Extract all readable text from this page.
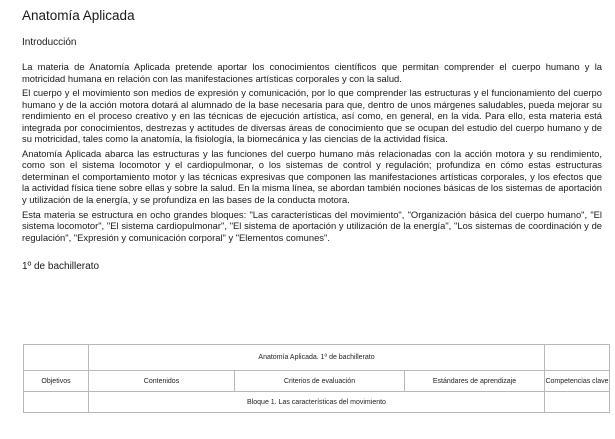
Anatomía Aplicada
Introducción

La materia de Anatomía Aplicada pretende aportar los conocimientos científicos que permitan comprender el cuerpo humano y la motricidad humana en relación con las manifestaciones artísticas corporales y con la salud.

El cuerpo y el movimiento son medios de expresión y comunicación, por lo que comprender las estructuras y el funcionamiento del cuerpo humano y de la acción motora dotará al alumnado de la base necesaria para que, dentro de unos márgenes saludables, pueda mejorar su rendimiento en el proceso creativo y en las técnicas de ejecución artística, así como, en general, en la vida. Para ello, esta materia está integrada por conocimientos, destrezas y actitudes de diversas áreas de conocimiento que se ocupan del estudio del cuerpo humano y de su motricidad, tales como la anatomía, la fisiología, la biomecánica y las ciencias de la actividad física.

Anatomía Aplicada abarca las estructuras y las funciones del cuerpo humano más relacionadas con la acción motora y su rendimiento, como son el sistema locomotor y el cardiopulmonar, o los sistemas de control y regulación; profundiza en cómo estas estructuras determinan el comportamiento motor y las técnicas expresivas que componen las manifestaciones artísticas corporales, y los efectos que la actividad física tiene sobre ellas y sobre la salud. En la misma línea, se abordan también nociones básicas de los sistemas de aportación y utilización de la energía, y se profundiza en las bases de la conducta motora.

Esta materia se estructura en ocho grandes bloques: "Las características del movimiento", "Organización básica del cuerpo humano", "El sistema locomotor", "El sistema cardiopulmonar", "El sistema de aportación y utilización de la energía", "Los sistemas de coordinación y de regulación", "Expresión y comunicación corporal" y "Elementos comunes".

1º de bachillerato
	Anatomía Aplicada. 1º de bachillerato			
Objetivos	Contenidos	Criterios de evaluación	Estándares de aprendizaje	Competencias clave
	Bloque 1. Las características del movimiento			
